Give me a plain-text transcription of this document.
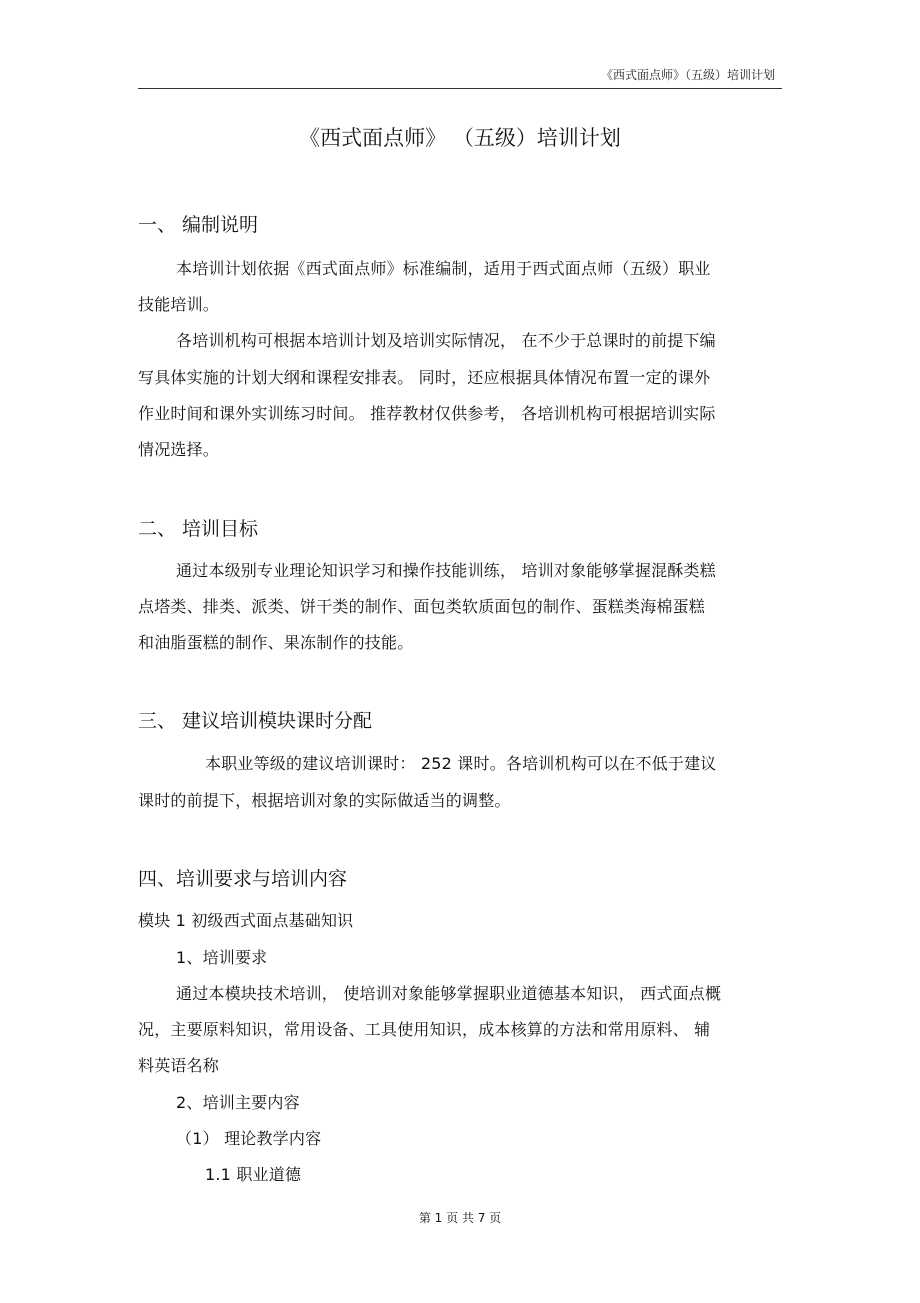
《西式面点师》（五级）培训计划
《西式面点师》 （五级）培训计划
一、 编制说明
本培训计划依据《西式面点师》标准编制，适用于西式面点师（五级）职业
技能培训。
各培训机构可根据本培训计划及培训实际情况， 在不少于总课时的前提下编
写具体实施的计划大纲和课程安排表。 同时，还应根据具体情况布置一定的课外
作业时间和课外实训练习时间。 推荐教材仅供参考， 各培训机构可根据培训实际
情况选择。
二、 培训目标
通过本级别专业理论知识学习和操作技能训练， 培训对象能够掌握混酥类糕
点塔类、排类、派类、饼干类的制作、面包类软质面包的制作、蛋糕类海棉蛋糕
和油脂蛋糕的制作、果冻制作的技能。
三、 建议培训模块课时分配
本职业等级的建议培训课时： 252 课时。各培训机构可以在不低于建议
课时的前提下，根据培训对象的实际做适当的调整。
四、培训要求与培训内容
模块 1 初级西式面点基础知识
1、培训要求
通过本模块技术培训， 使培训对象能够掌握职业道德基本知识， 西式面点概
况，主要原料知识，常用设备、工具使用知识，成本核算的方法和常用原料、 辅
料英语名称
2、培训主要内容
（1） 理论教学内容
1.1 职业道德
第 1 页 共 7 页
